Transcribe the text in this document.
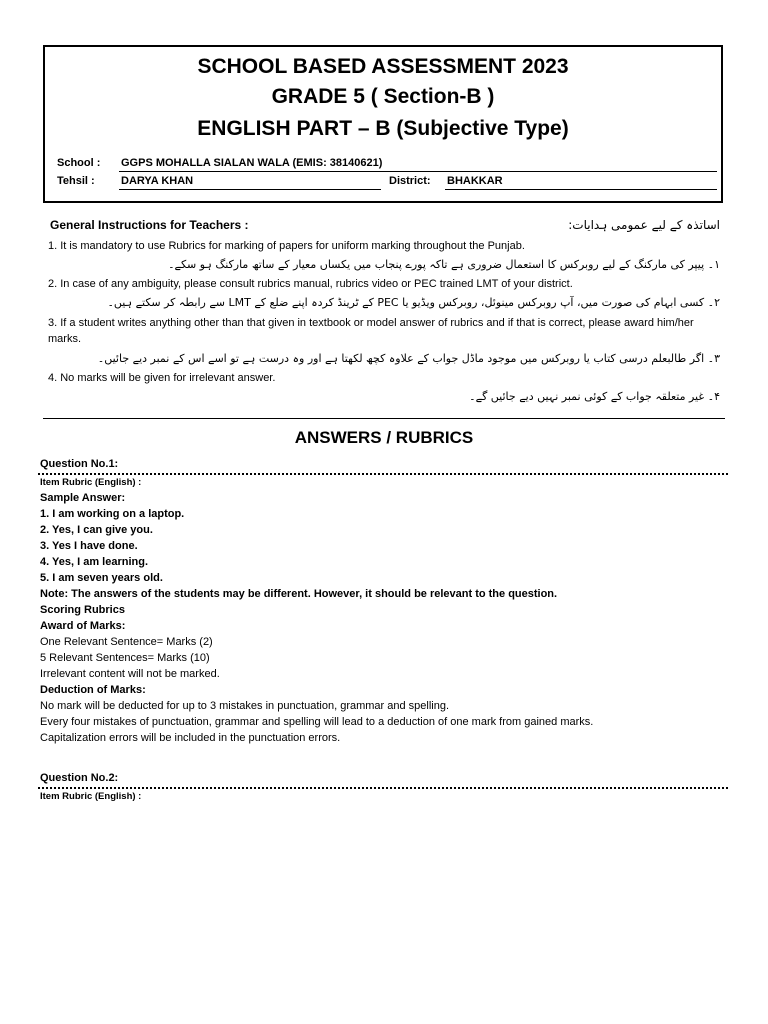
SCHOOL BASED ASSESSMENT 2023
GRADE 5 ( Section-B )
ENGLISH PART – B (Subjective Type)
School : GGPS MOHALLA SIALAN WALA (EMIS: 38140621)
Tehsil : DARYA KHAN	District: BHAKKAR
General Instructions for Teachers :	اساتذہ کے لیے عمومی ہدایات:
1. It is mandatory to use Rubrics for marking of papers for uniform marking throughout the Punjab.
۱۔ پیپر کی مارکنگ کے لیے روبرکس کا استعمال ضروری ہے تاکہ پورے پنجاب میں یکساں معیار کے ساتھ مارکنگ ہو سکے۔
2. In case of any ambiguity, please consult rubrics manual, rubrics video or PEC trained LMT of your district.
۲۔ کسی ابہام کی صورت میں، آپ روبرکس مینوئل، روبرکس ویڈیو یا PEC کے ٹرینڈ کردہ اپنے ضلع کے LMT سے رابطہ کر سکتے ہیں۔
3. If a student writes anything other than that given in textbook or model answer of rubrics and if that is correct, please award him/her marks.
۳۔ اگر طالبعلم درسی کتاب یا روبرکس میں موجود ماڈل جواب کے علاوہ کچھ لکھتا ہے اور وہ درست ہے تو اسے اس کے نمبر دیے جائیں۔
4. No marks will be given for irrelevant answer.
۴۔ غیر متعلقہ جواب کے کوئی نمبر نہیں دیے جائیں گے۔
ANSWERS / RUBRICS
Question No.1:
Item Rubric (English) :
Sample Answer:
1. I am working on a laptop.
2. Yes, I can give you.
3. Yes I have done.
4. Yes, I am learning.
5. I am seven years old.
Note: The answers of the students may be different. However, it should be relevant to the question.
Scoring Rubrics
Award of Marks:
One Relevant Sentence= Marks (2)
5 Relevant Sentences= Marks (10)
Irrelevant content will not be marked.
Deduction of Marks:
No mark will be deducted for up to 3 mistakes in punctuation, grammar and spelling.
Every four mistakes of punctuation, grammar and spelling will lead to a deduction of one mark from gained marks.
Capitalization errors will be included in the punctuation errors.
Question No.2:
Item Rubric (English) :
